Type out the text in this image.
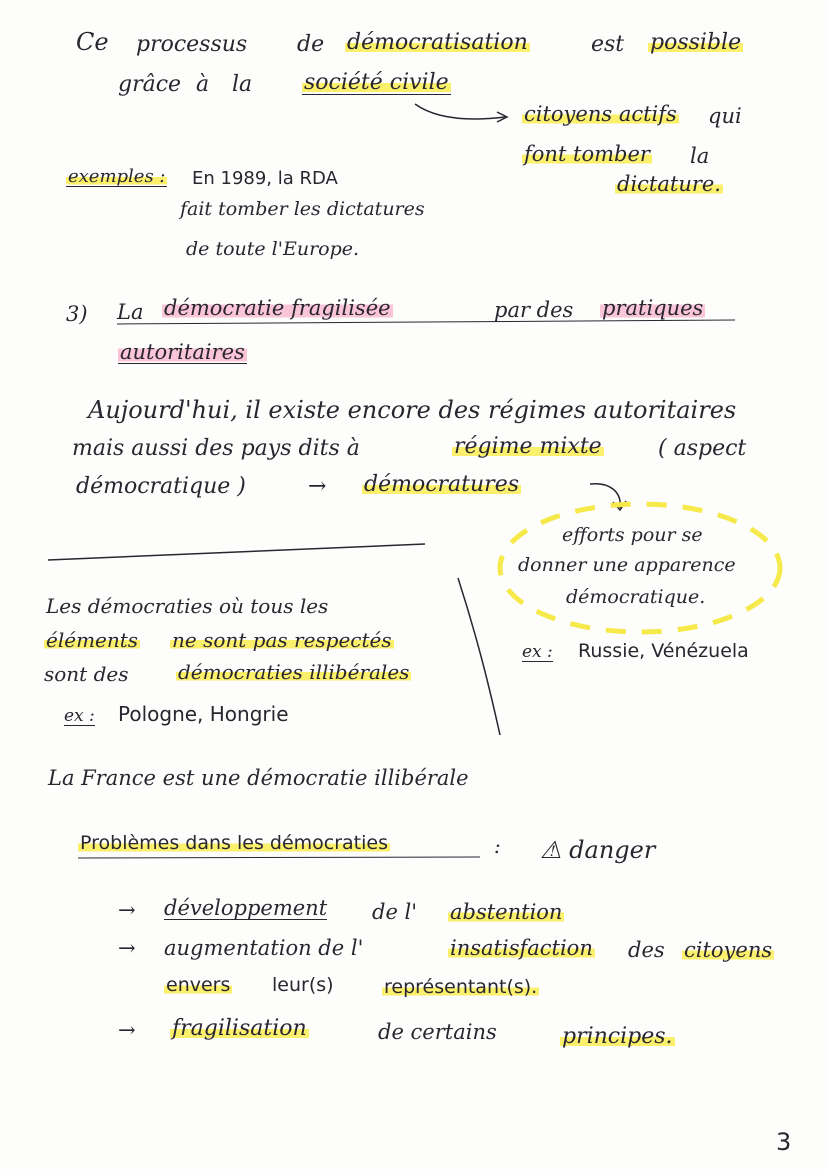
Ce processus de démocratisation	est possible
grâce à la société civile
citoyens actifs qui
font tomber la
dictature.
exemples : En 1989, la RDA
fait tomber les dictatures
de toute l'Europe.
3) La démocratie fragilisée	par des pratiques
autoritaires
Aujourd'hui, il existe encore des régimes autoritaires
mais aussi des pays dits à	régime mixte	( aspect
démocratique )	→ démocratures
efforts pour se
donner une apparence
démocratique.
ex : Russie, Vénézuela
Les démocraties où tous les
éléments ne sont pas respectés
sont des démocraties illibérales
ex : Pologne, Hongrie
La France est une démocratie illibérale
Problèmes dans les démocraties	: ⚠ danger
→ développement de l' abstention
→ augmentation de l'	insatisfaction des citoyens
envers leur(s)	représentant(s).
→ fragilisation	de certains	principes.
3
